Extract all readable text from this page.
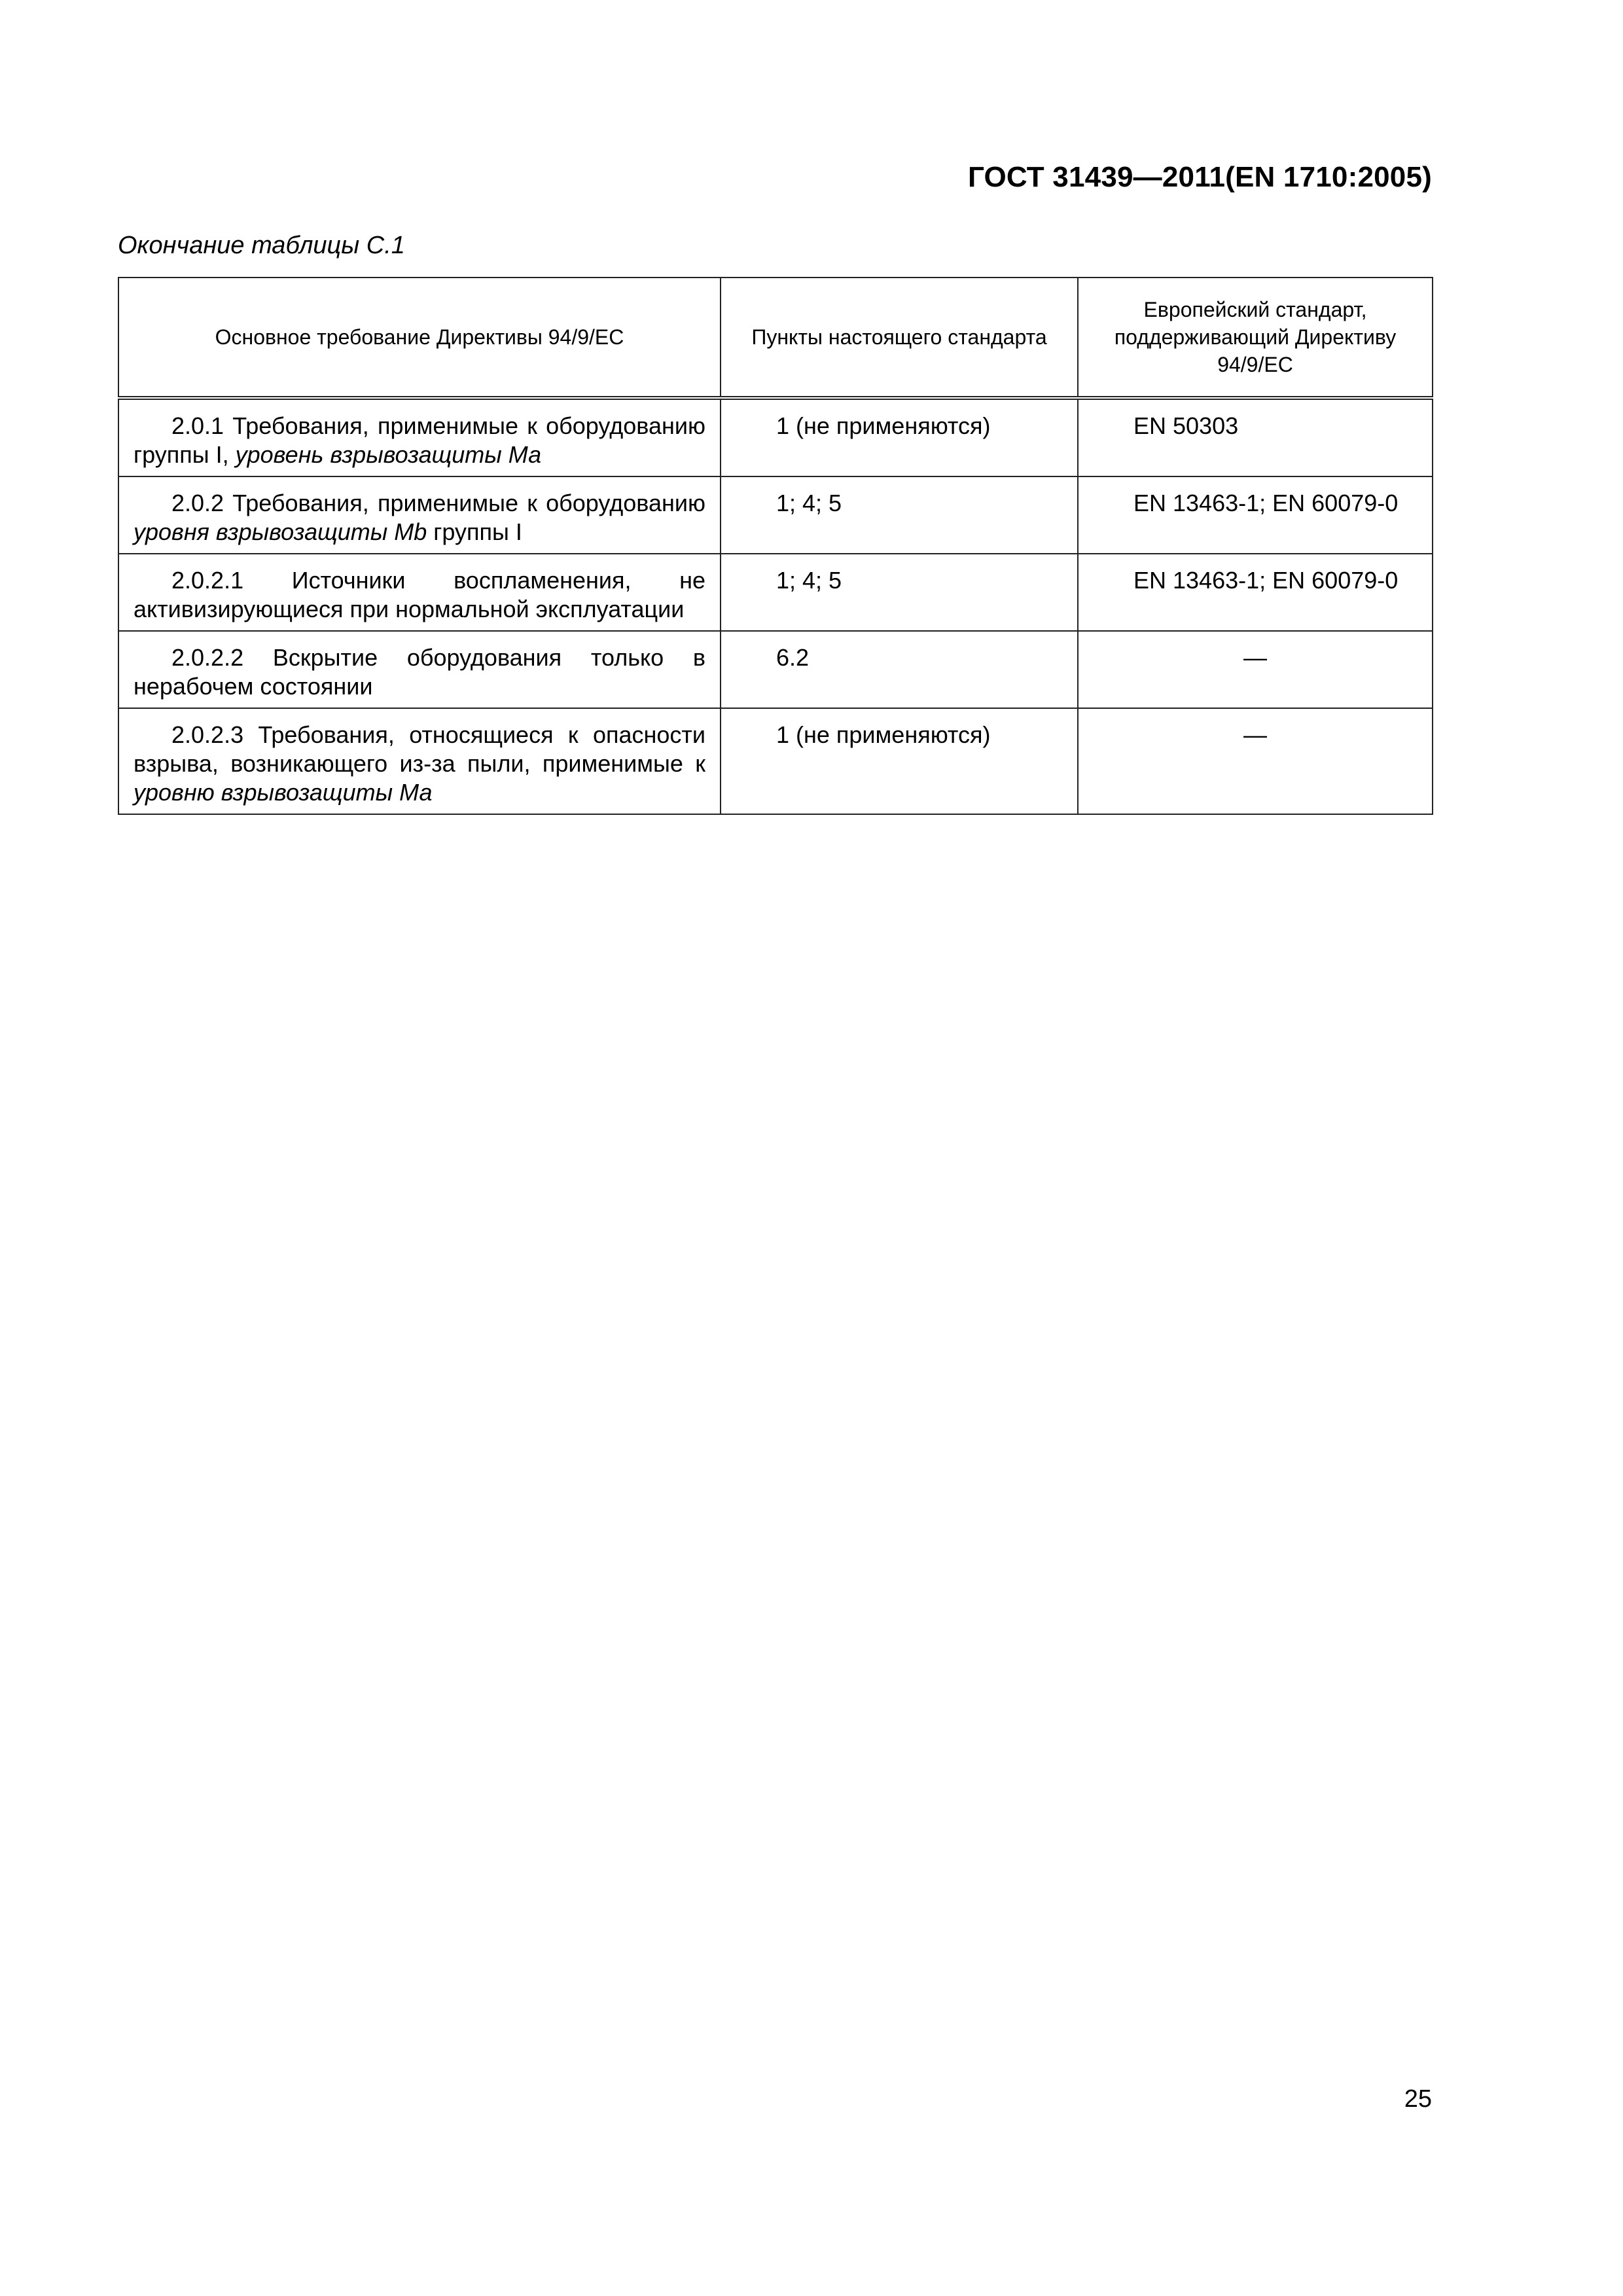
ГОСТ 31439—2011(EN 1710:2005)
Окончание таблицы С.1
Основное требование Директивы 94/9/ЕС	Пункты настоящего стандарта	Европейский стандарт, поддерживающий Директиву 94/9/ЕС
2.0.1 Требования, применимые к оборудованию группы I, уровень взрывозащиты Ма	1 (не применяются)	EN 50303
2.0.2 Требования, применимые к оборудованию уровня взрывозащиты Mb группы I	1; 4; 5	EN 13463-1; EN 60079-0
2.0.2.1 Источники воспламенения, не активизирующиеся при нормальной эксплуатации	1; 4; 5	EN 13463-1; EN 60079-0
2.0.2.2 Вскрытие оборудования только в нерабочем состоянии	6.2	—
2.0.2.3 Требования, относящиеся к опасности взрыва, возникающего из-за пыли, применимые к уровню взрывозащиты Ма	1 (не применяются)	—
25
